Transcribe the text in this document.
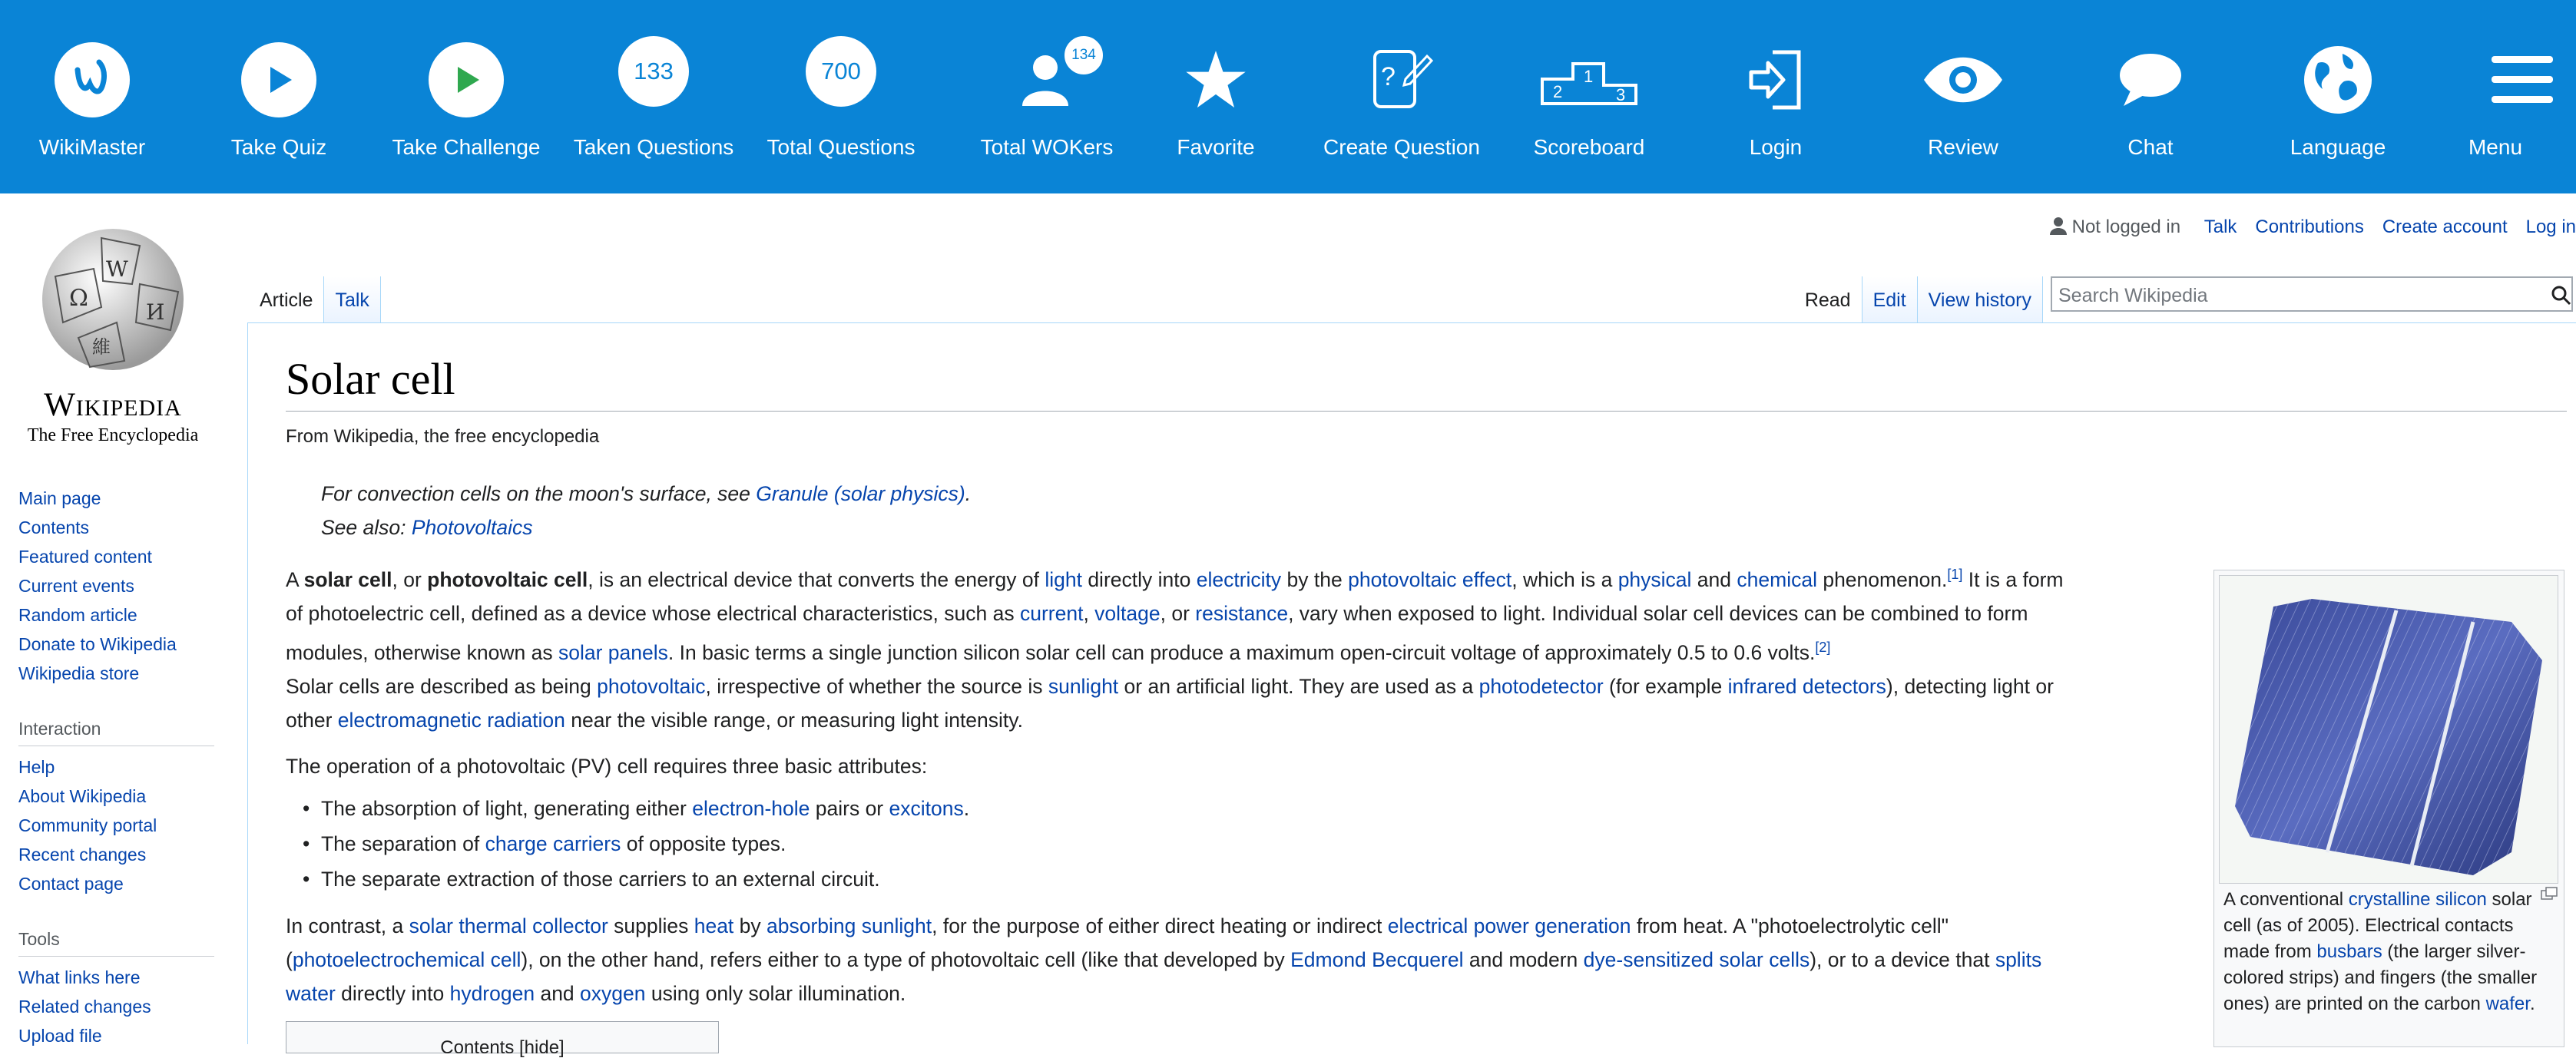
WikiMaster	Take Quiz	Take Challenge
133
Taken Questions
700
Total Questions
134
Total WOKers	Favorite
?
Create Question
2
1
3
Scoreboard	Login	Review	Chat	Language	Menu
Not logged in Talk Contributions Create account Log in
Ω
W
И
維
Wikipedia
The Free Encyclopedia
Main page
Contents
Featured content
Current events
Random article
Donate to Wikipedia
Wikipedia store
Interaction
Help
About Wikipedia
Community portal
Recent changes
Contact page
Tools
What links here
Related changes
Upload file
Article	Talk	Read	Edit	View history	Search Wikipedia
Solar cell
From Wikipedia, the free encyclopedia
For convection cells on the moon's surface, see Granule (solar physics).
See also: Photovoltaics
A solar cell, or photovoltaic cell, is an electrical device that converts the energy of light directly into electricity by the photovoltaic effect, which is a physical and chemical phenomenon.[1] It is a form
of photoelectric cell, defined as a device whose electrical characteristics, such as current, voltage, or resistance, vary when exposed to light. Individual solar cell devices can be combined to form
modules, otherwise known as solar panels. In basic terms a single junction silicon solar cell can produce a maximum open-circuit voltage of approximately 0.5 to 0.6 volts.[2]
Solar cells are described as being photovoltaic, irrespective of whether the source is sunlight or an artificial light. They are used as a photodetector (for example infrared detectors), detecting light or
other electromagnetic radiation near the visible range, or measuring light intensity.
The operation of a photovoltaic (PV) cell requires three basic attributes:
• The absorption of light, generating either electron-hole pairs or excitons.
• The separation of charge carriers of opposite types.
• The separate extraction of those carriers to an external circuit.
In contrast, a solar thermal collector supplies heat by absorbing sunlight, for the purpose of either direct heating or indirect electrical power generation from heat. A "photoelectrolytic cell"
(photoelectrochemical cell), on the other hand, refers either to a type of photovoltaic cell (like that developed by Edmond Becquerel and modern dye-sensitized solar cells), or to a device that splits
water directly into hydrogen and oxygen using only solar illumination.
Contents [hide]
A conventional crystalline silicon solar cell (as of 2005). Electrical contacts made from busbars (the larger silver-colored strips) and fingers (the smaller ones) are printed on the carbon wafer.
